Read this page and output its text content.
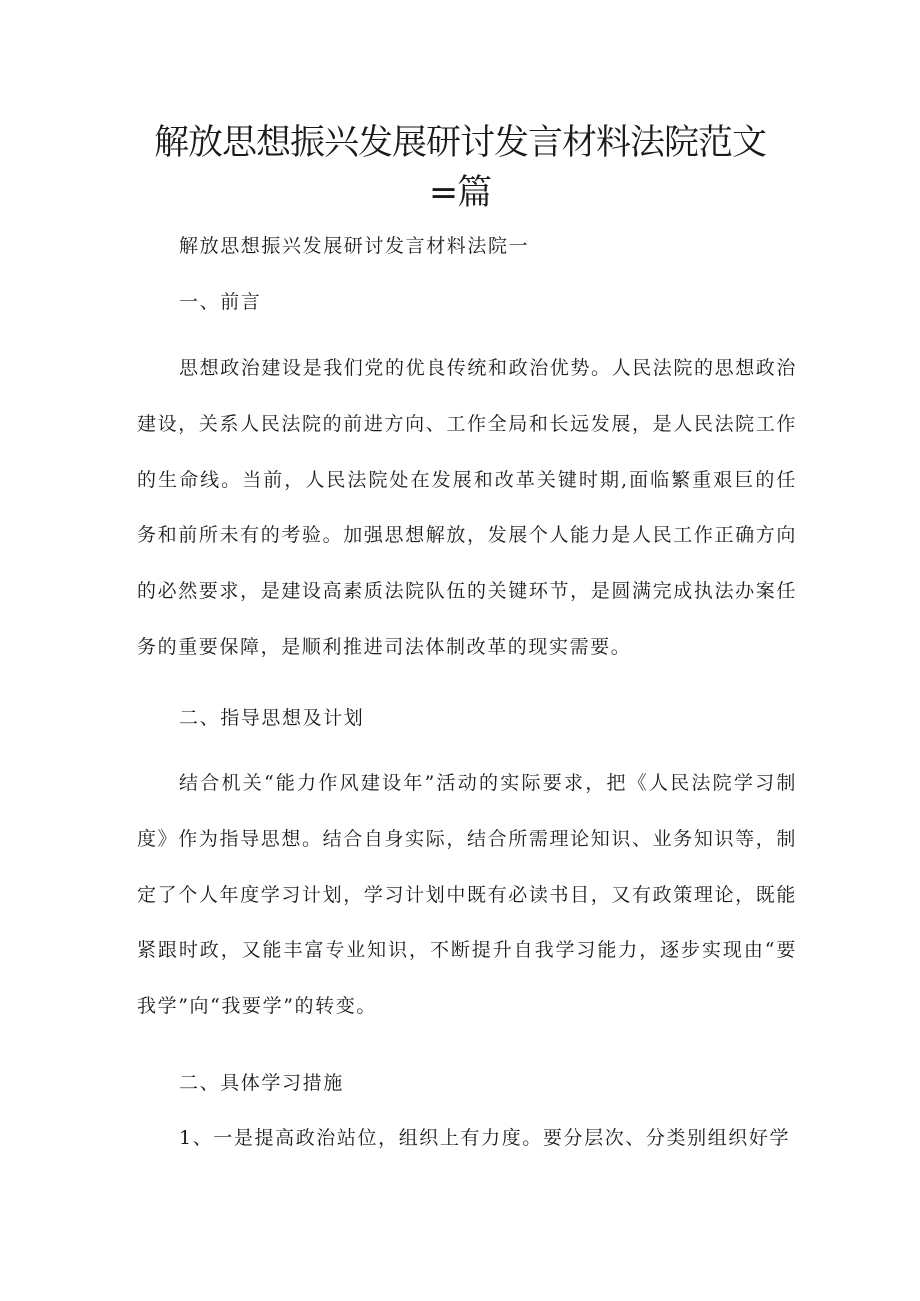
解放思想振兴发展研讨发言材料法院范文=篇

解放思想振兴发展研讨发言材料法院一

一、前言

思想政治建设是我们党的优良传统和政治优势。人民法院的思想政治建设，关系人民法院的前进方向、工作全局和长远发展，是人民法院工作的生命线。当前，人民法院处在发展和改革关键时期,面临繁重艰巨的任务和前所未有的考验。加强思想解放，发展个人能力是人民工作正确方向的必然要求，是建设高素质法院队伍的关键环节，是圆满完成执法办案任务的重要保障，是顺利推进司法体制改革的现实需要。

二、指导思想及计划

结合机关“能力作风建设年”活动的实际要求，把《人民法院学习制度》作为指导思想。结合自身实际，结合所需理论知识、业务知识等，制定了个人年度学习计划，学习计划中既有必读书目，又有政策理论，既能紧跟时政，又能丰富专业知识，不断提升自我学习能力，逐步实现由“要我学”向“我要学”的转变。

二、具体学习措施

1、一是提高政治站位，组织上有力度。要分层次、分类别组织好学
